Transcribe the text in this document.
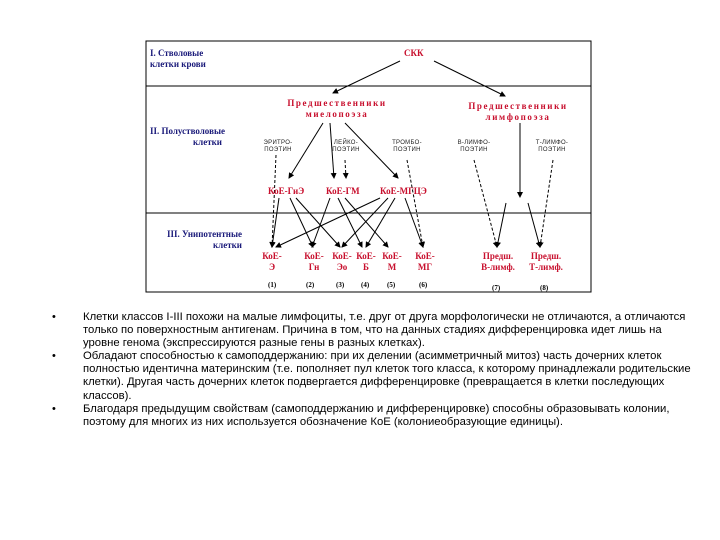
I. Стволовые
клетки крови
II. Полустволовые
клетки
III. Унипотентные
клетки
СКК
Предшественники
миелопоэза
Предшественники
лимфопоэза
ЭРИТРО-
ПОЭТИН
ЛЕЙКО-
ПОЭТИН
ТРОМБО-
ПОЭТИН
В-ЛИМФО-
ПОЭТИН
Т-ЛИМФО-
ПОЭТИН
КоЕ-ГиЭ КоЕ-ГМ КоЕ-МГЦЭ
КоЕ-
Э
КоЕ-
Гн
КоЕ-
Эо
КоЕ-
Б
КоЕ-
М
КоЕ-
МГ
Предш.
В-лимф.
Предш.
Т-лимф.
(1)	(2)	(3) (4)	(5)	(6)	(7)	(8)
• Клетки классов I-III похожи на малые лимфоциты, т.е. друг от друга морфологически не отличаются, а отличаются только по поверхностным антигенам. Причина в том, что на данных стадиях дифференцировка идет лишь на уровне генома (экспрессируются разные гены в разных клетках).
• Обладают способностью к самоподдержанию: при их делении (асимметричный митоз) часть дочерних клеток полностью идентична материнским (т.е. пополняет пул клеток того класса, к которому принадлежали родительские клетки). Другая часть дочерних клеток подвергается дифференцировке (превращается в клетки последующих классов).
• Благодаря предыдущим свойствам (самоподдержанию и дифференцировке) способны образовывать колонии, поэтому для многих из них используется обозначение КоЕ (колониеобразующие единицы).
